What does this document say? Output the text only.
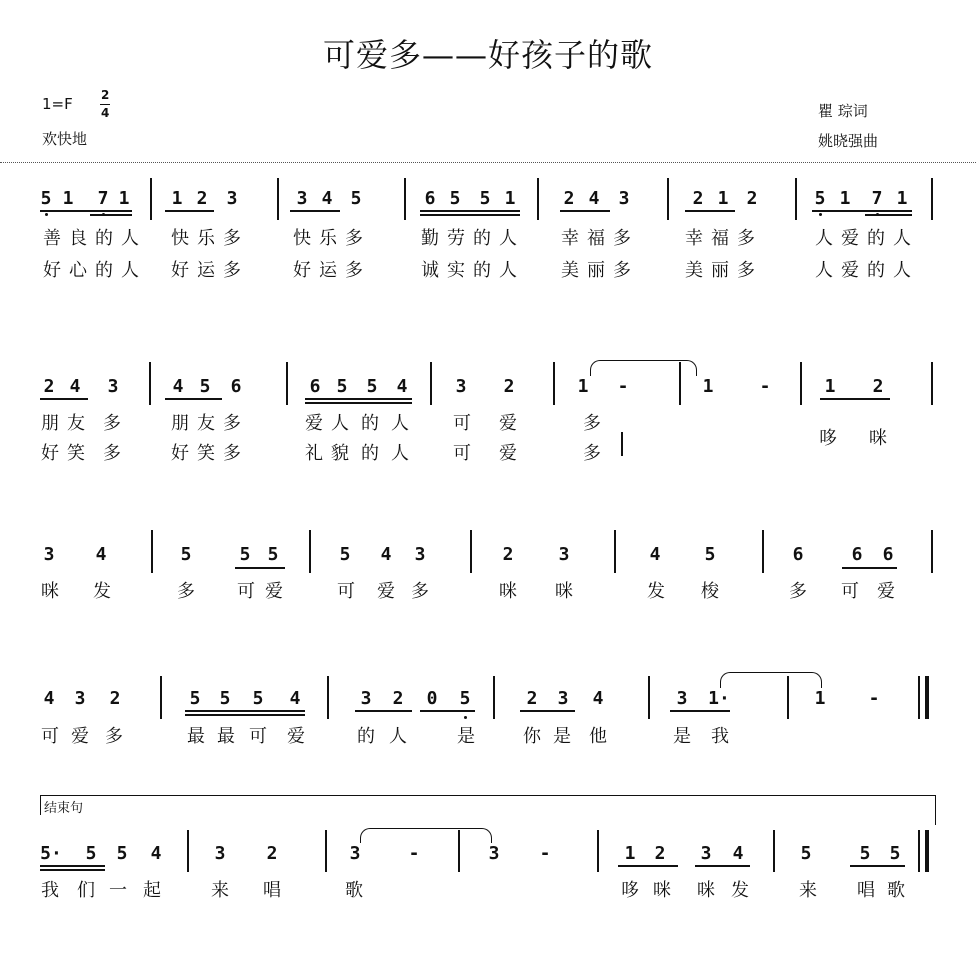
可爱多——好孩子的歌
1=F 2
4
欢快地
瞿 琮词
姚晓强曲
5 1 7 1 1 2 3	3 4 5	6 5 5 1	2 4 3	2 1 2	5 1 7 1
善 良 的 人 快 乐 多	快 乐 多	勤 劳 的 人 幸 福 多	幸 福 多	人 爱 的 人
好 心 的 人 好 运 多	好 运 多	诚 实 的 人 美 丽 多	美 丽 多	人 爱 的 人
2 4 3	4 5 6	6 5 5 4	3 2	1 -	1	-	1 2
朋 友 多	朋 友 多	爱 人 的 人 可 爱	多
好 笑 多	好 笑 多	礼 貌 的 人 可 爱	多
哆 咪
3 4	5	5 5	5 4 3	2	3	4 5	6	6 6
咪 发	多 可 爱	可 爱 多	咪 咪	发 梭	多 可 爱
4 3 2	5 5 5 4	3 2 0 5	2 3 4	3 1·	1 -
可 爱 多	最 最 可 爱	的 人	是	你 是 他	是 我
5· 5 5 4	3 2	3	-	3 -	1 2 3 4	5	5 5
我 们 一 起	来 唱	歌	哆 咪 咪 发	来 唱 歌
结束句
